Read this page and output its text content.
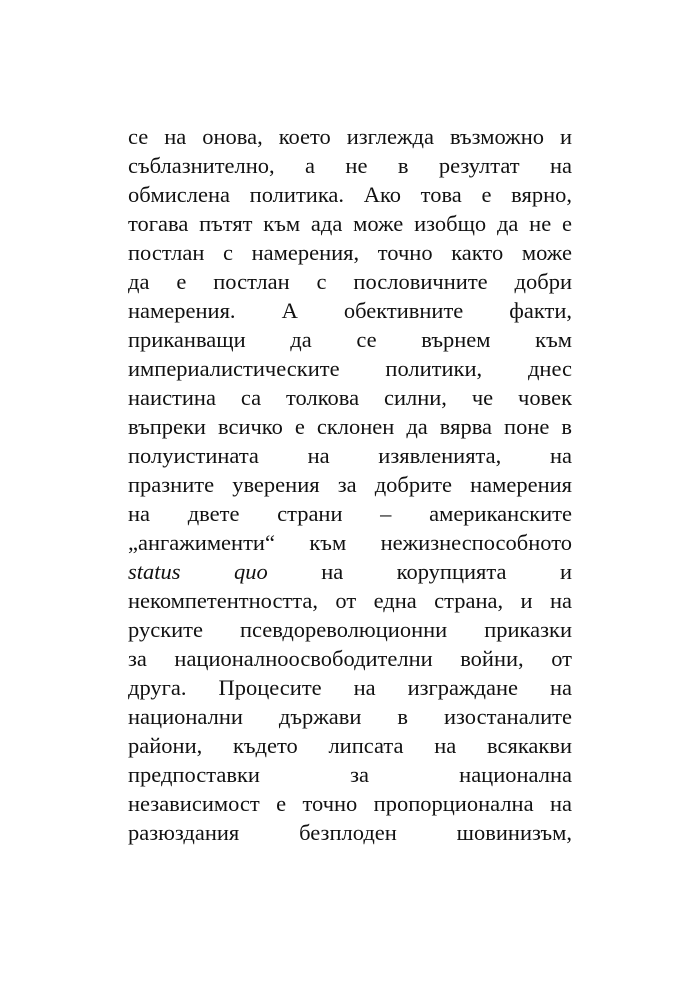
се на онова, което изглежда възможно и
съблазнително, а не в резултат на
обмислена политика. Ако това е вярно,
тогава пътят към ада може изобщо да не е
постлан с намерения, точно както може
да е постлан с пословичните добри
намерения. А обективните факти,
приканващи да се върнем към
империалистическите политики, днес
наистина са толкова силни, че човек
въпреки всичко е склонен да вярва поне в
полуистината на изявленията, на
празните уверения за добрите намерения
на двете страни – американските
„ангажименти“ към нежизнеспособното
status quo на корупцията и
некомпетентността, от една страна, и на
руските псевдореволюционни приказки
за националноосвободителни войни, от
друга. Процесите на изграждане на
национални държави в изостаналите
райони, където липсата на всякакви
предпоставки за национална
независимост е точно пропорционална на
разюздания безплоден шовинизъм,
